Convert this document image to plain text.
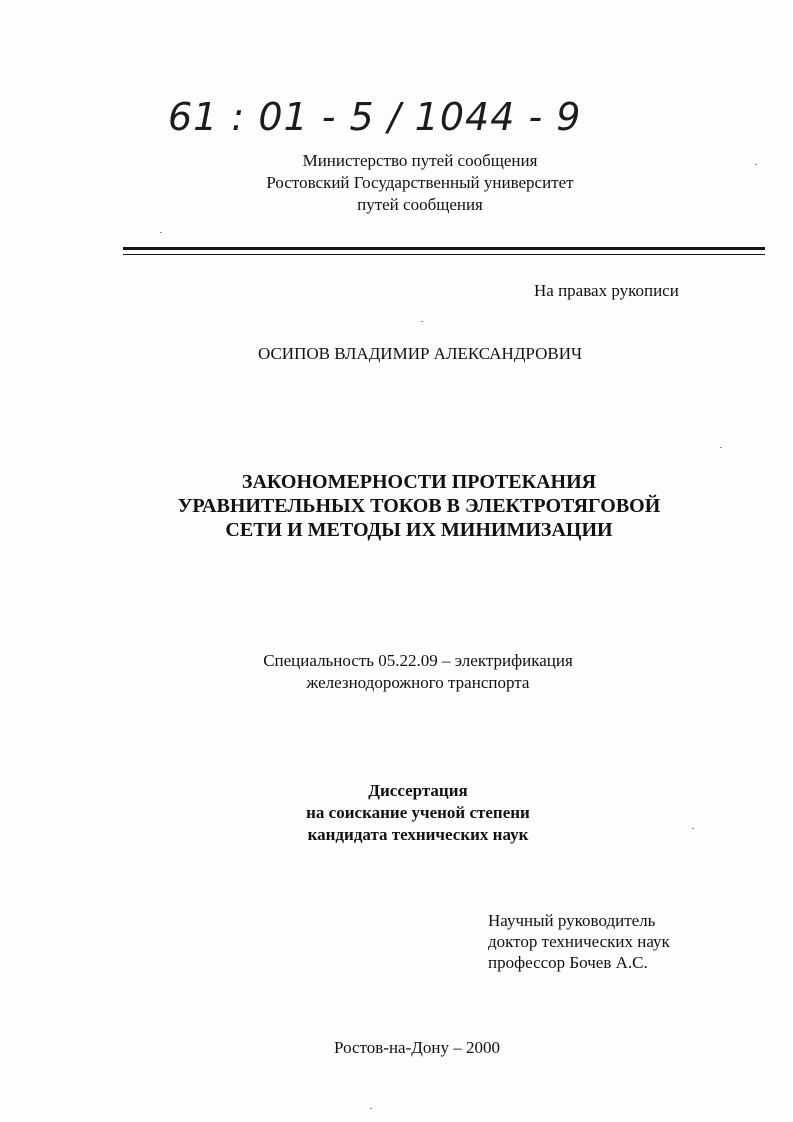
61 : 01 - 5 / 1044 - 9
Министерство путей сообщения
Ростовский Государственный университет
путей сообщения
На правах рукописи
ОСИПОВ ВЛАДИМИР АЛЕКСАНДРОВИЧ
ЗАКОНОМЕРНОСТИ ПРОТЕКАНИЯ
УРАВНИТЕЛЬНЫХ ТОКОВ В ЭЛЕКТРОТЯГОВОЙ
СЕТИ И МЕТОДЫ ИХ МИНИМИЗАЦИИ
Специальность 05.22.09 – электрификация
железнодорожного транспорта
Диссертация
на соискание ученой степени
кандидата технических наук
Научный руководитель
доктор технических наук
профессор Бочев А.С.
Ростов-на-Дону – 2000
